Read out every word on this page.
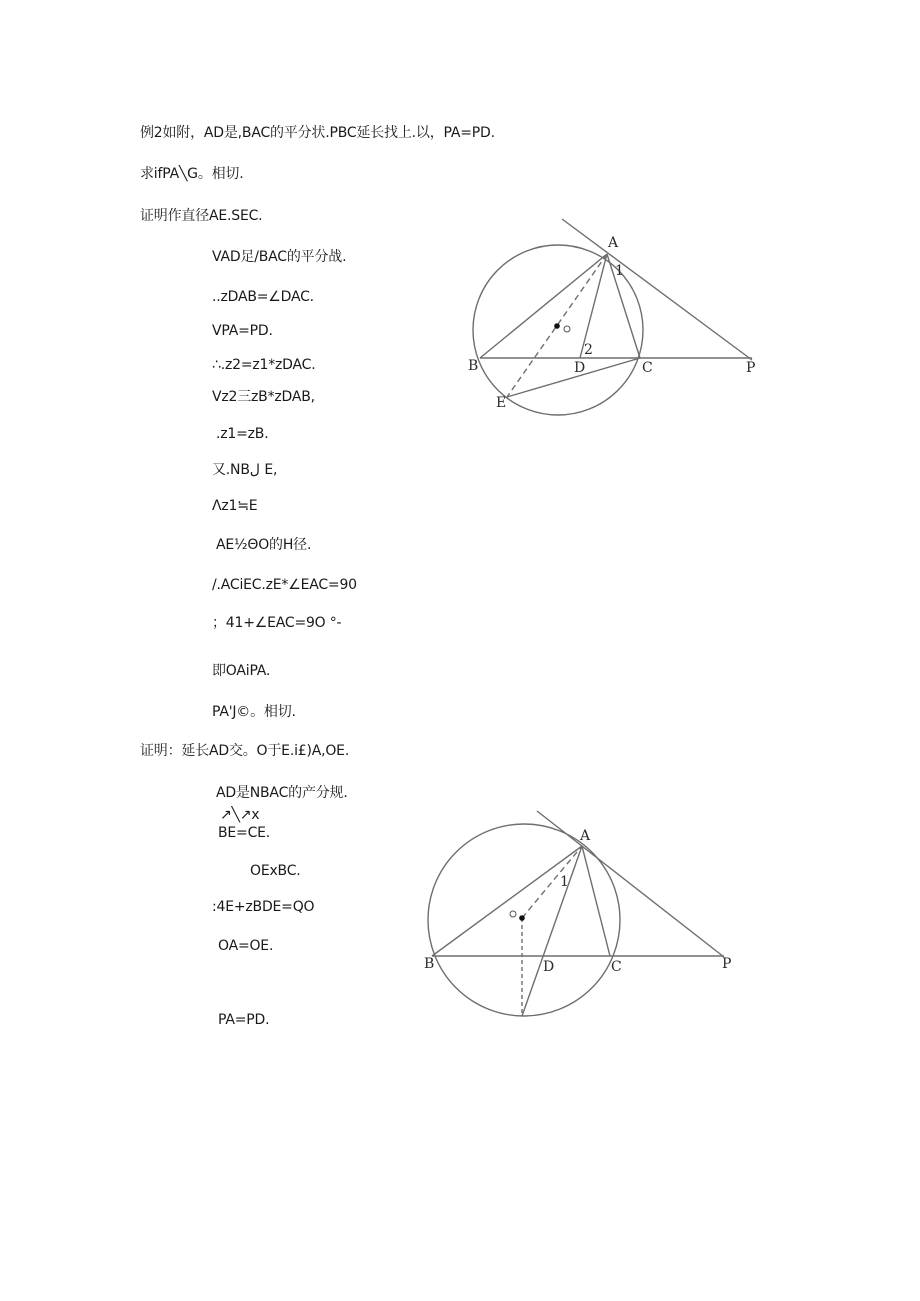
例2如附，AD是,BAC的平分状.PBC延长找上.以，PA=PD.
求ifPA╲G。相切.
证明作直径AE.SEC.
VAD足/BAC的平分战.
..zDAB=∠DAC.
VPA=PD.
∴.z2=z1*zDAC.
Vz2三zB*zDAB,
.z1=zB.
又.NBل E,
Λz1≒E
AE½ΘO的H径.
/.ACiEC.zE*∠EAC=90
；41+∠EAC=9O °-
即OAiPA.
PA'J©。相切.
证明：延长AD交。O于E.i£)A,OE.
AD是NBAC的产分规.
↗╲↗x
BE=CE.
OExBC.
:4E+zBDE=QO
OA=OE.
PA=PD.
A
B	D	C	P
E
1
2
A
B	D	C	P
1
